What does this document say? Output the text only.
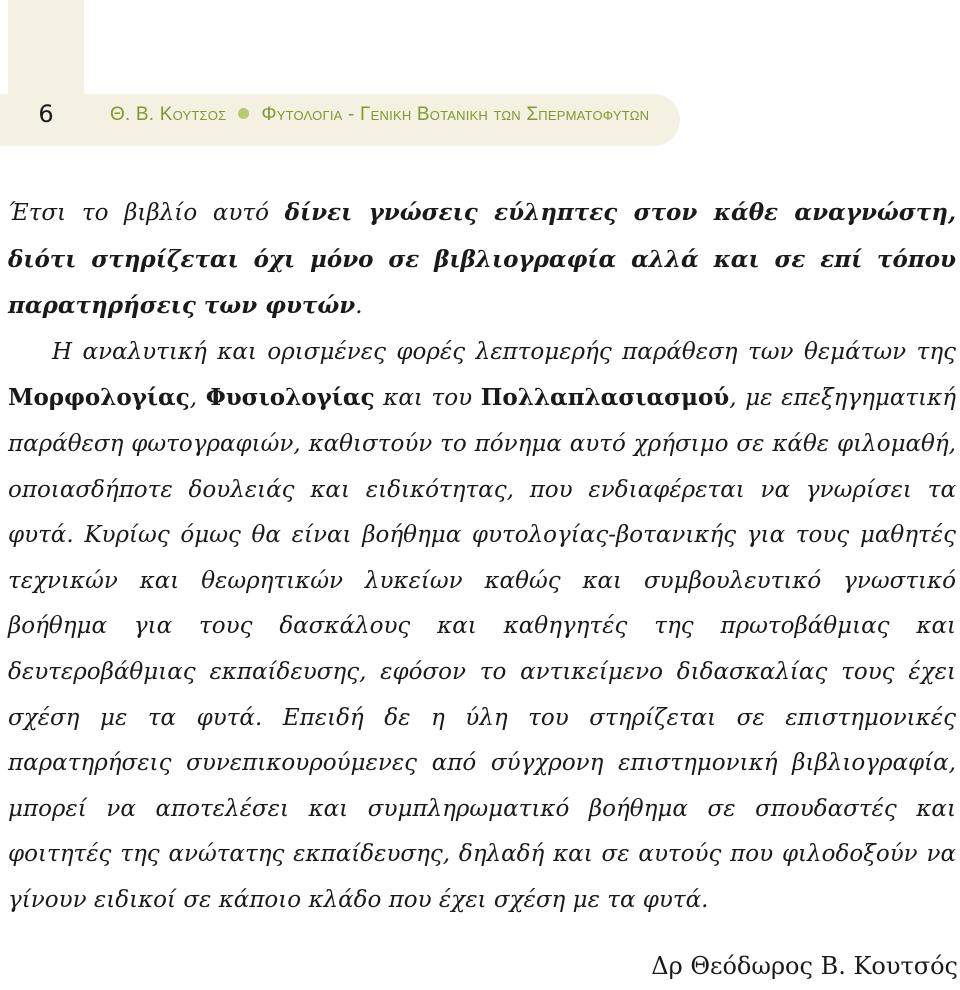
6	Θ. Β. Κουτσος Φυτολογια - Γενικη Βοτανικη των Σπερματοφυτων

Έτσι το βιβλίο αυτό δίνει γνώσεις εύληπτες στον κάθε αναγνώστη, διότι στηρίζεται όχι μόνο σε βιβλιογραφία αλλά και σε επί τόπου παρατηρήσεις των φυτών.

Η αναλυτική και ορισμένες φορές λεπτομερής παράθεση των θεμάτων της Μορφολογίας, Φυσιολογίας και του Πολλαπλασιασμού, με επεξηγηματική παράθεση φωτογραφιών, καθιστούν το πόνημα αυτό χρήσιμο σε κάθε φιλομαθή, οποιασδήποτε δουλειάς και ειδικότητας, που ενδιαφέρεται να γνωρίσει τα φυτά. Κυρίως όμως θα είναι βοήθημα φυτολογίας-βοτανικής για τους μαθητές τεχνικών και θεωρητικών λυκείων καθώς και συμβουλευτικό γνωστικό βοήθημα για τους δασκάλους και καθηγητές της πρωτοβάθμιας και δευτεροβάθμιας εκπαίδευσης, εφόσον το αντικείμενο διδασκαλίας τους έχει σχέση με τα φυτά. Επειδή δε η ύλη του στηρίζεται σε επιστημονικές παρατηρήσεις συνεπικουρούμενες από σύγχρονη επιστημονική βιβλιογραφία, μπορεί να αποτελέσει και συμπληρωματικό βοήθημα σε σπουδαστές και φοιτητές της ανώτατης εκπαίδευσης, δηλαδή και σε αυτούς που φιλοδοξούν να γίνουν ειδικοί σε κάποιο κλάδο που έχει σχέση με τα φυτά.

Δρ Θεόδωρος Β. Κουτσός
